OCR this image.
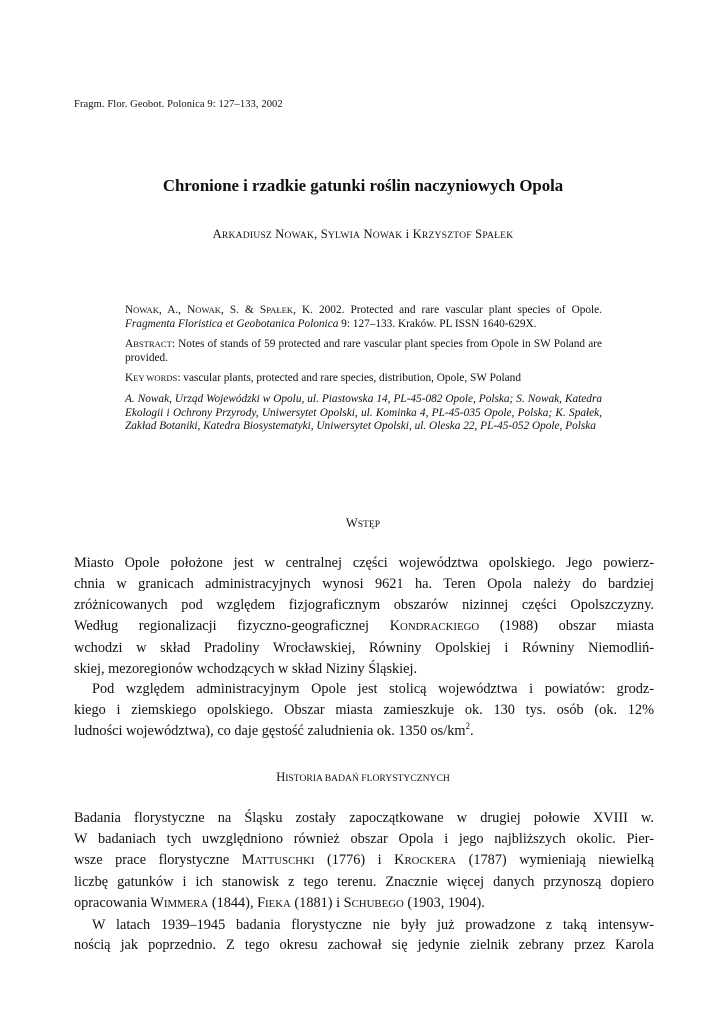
Fragm. Flor. Geobot. Polonica 9: 127–133, 2002
Chronione i rzadkie gatunki roślin naczyniowych Opola
ARKADIUSZ NOWAK, SYLWIA NOWAK i KRZYSZTOF SPAŁEK

NOWAK, A., NOWAK, S. & SPAŁEK, K. 2002. Protected and rare vascular plant species of Opole. Fragmenta Floristica et Geobotanica Polonica 9: 127–133. Kraków. PL ISSN 1640-629X.

ABSTRACT: Notes of stands of 59 protected and rare vascular plant species from Opole in SW Poland are provided.

KEY WORDS: vascular plants, protected and rare species, distribution, Opole, SW Poland

A. Nowak, Urząd Wojewódzki w Opolu, ul. Piastowska 14, PL-45-082 Opole, Polska; S. Nowak, Katedra Ekologii i Ochrony Przyrody, Uniwersytet Opolski, ul. Kominka 4, PL-45-035 Opole, Polska; K. Spałek, Zakład Botaniki, Katedra Biosystematyki, Uniwersytet Opolski, ul. Oleska 22, PL-45-052 Opole, Polska

WSTĘP

Miasto Opole położone jest w centralnej części województwa opolskiego. Jego powierz-
chnia w granicach administracyjnych wynosi 9621 ha. Teren Opola należy do bardziej
zróżnicowanych pod względem fizjograficznym obszarów nizinnej części Opolszczyzny.
Według regionalizacji fizyczno-geograficznej KONDRACKIEGO (1988) obszar miasta
wchodzi w skład Pradoliny Wrocławskiej, Równiny Opolskiej i Równiny Niemodliń-
skiej, mezoregionów wchodzących w skład Niziny Śląskiej.

Pod względem administracyjnym Opole jest stolicą województwa i powiatów: grodz-
kiego i ziemskiego opolskiego. Obszar miasta zamieszkuje ok. 130 tys. osób (ok. 12%
ludności województwa), co daje gęstość zaludnienia ok. 1350 $os/km^2$.

HISTORIA BADAŃ FLORYSTYCZNYCH

Badania florystyczne na Śląsku zostały zapoczątkowane w drugiej połowie XVIII w.
W badaniach tych uwzględniono również obszar Opola i jego najbliższych okolic. Pier-
wsze prace florystyczne MATTUSCHKI (1776) i KROCKERA (1787) wymieniają niewielką
liczbę gatunków i ich stanowisk z tego terenu. Znacznie więcej danych przynoszą dopiero
opracowania WIMMERA (1844), FIEKA (1881) i SCHUBEGO (1903, 1904).

W latach 1939–1945 badania florystyczne nie były już prowadzone z taką intensyw-
nością jak poprzednio. Z tego okresu zachował się jedynie zielnik zebrany przez Karola
